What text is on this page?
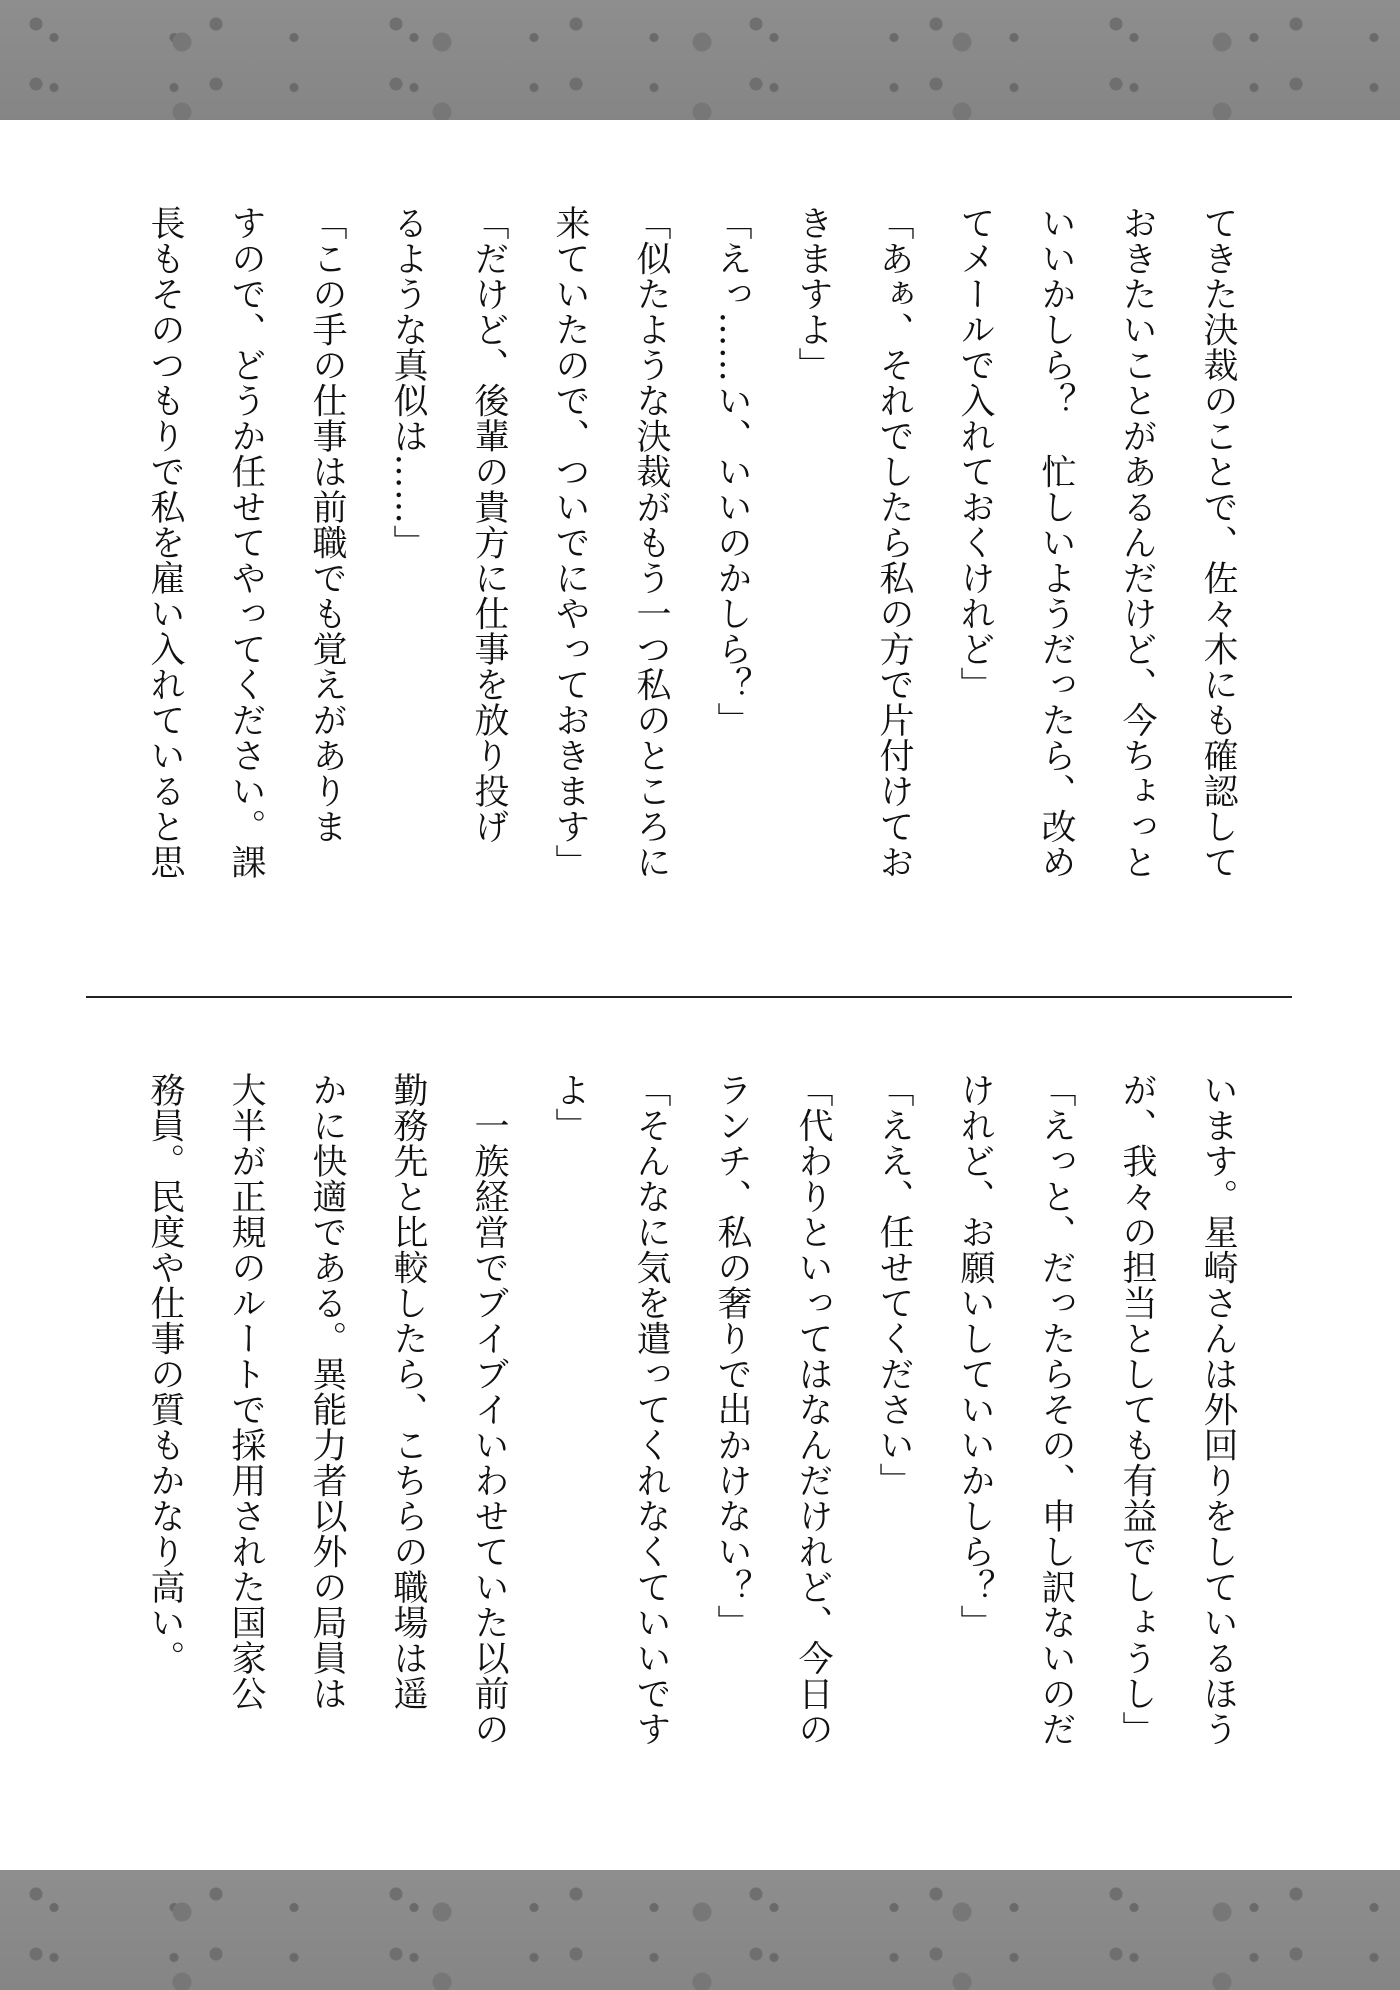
てきた決裁のことで、佐々木にも確認して
おきたいことがあるんだけど、今ちょっと
いいかしら？　忙しいようだったら、改め
てメールで入れておくけれど」
「あぁ、それでしたら私の方で片付けてお
きますよ」
「えっ……い、いいのかしら？」
「似たような決裁がもう一つ私のところに
来ていたので、ついでにやっておきます」
「だけど、後輩の貴方に仕事を放り投げ
るような真似は……」
「この手の仕事は前職でも覚えがありま
すので、どうか任せてやってください。課
長もそのつもりで私を雇い入れていると思
います。星崎さんは外回りをしているほう
が、我々の担当としても有益でしょうし」
「えっと、だったらその、申し訳ないのだ
けれど、お願いしていいかしら？」
「ええ、任せてください」
「代わりといってはなんだけれど、今日の
ランチ、私の奢りで出かけない？」
「そんなに気を遣ってくれなくていいです
よ」
　一族経営でブイブイいわせていた以前の
勤務先と比較したら、こちらの職場は遥
かに快適である。異能力者以外の局員は
大半が正規のルートで採用された国家公
務員。民度や仕事の質もかなり高い。
